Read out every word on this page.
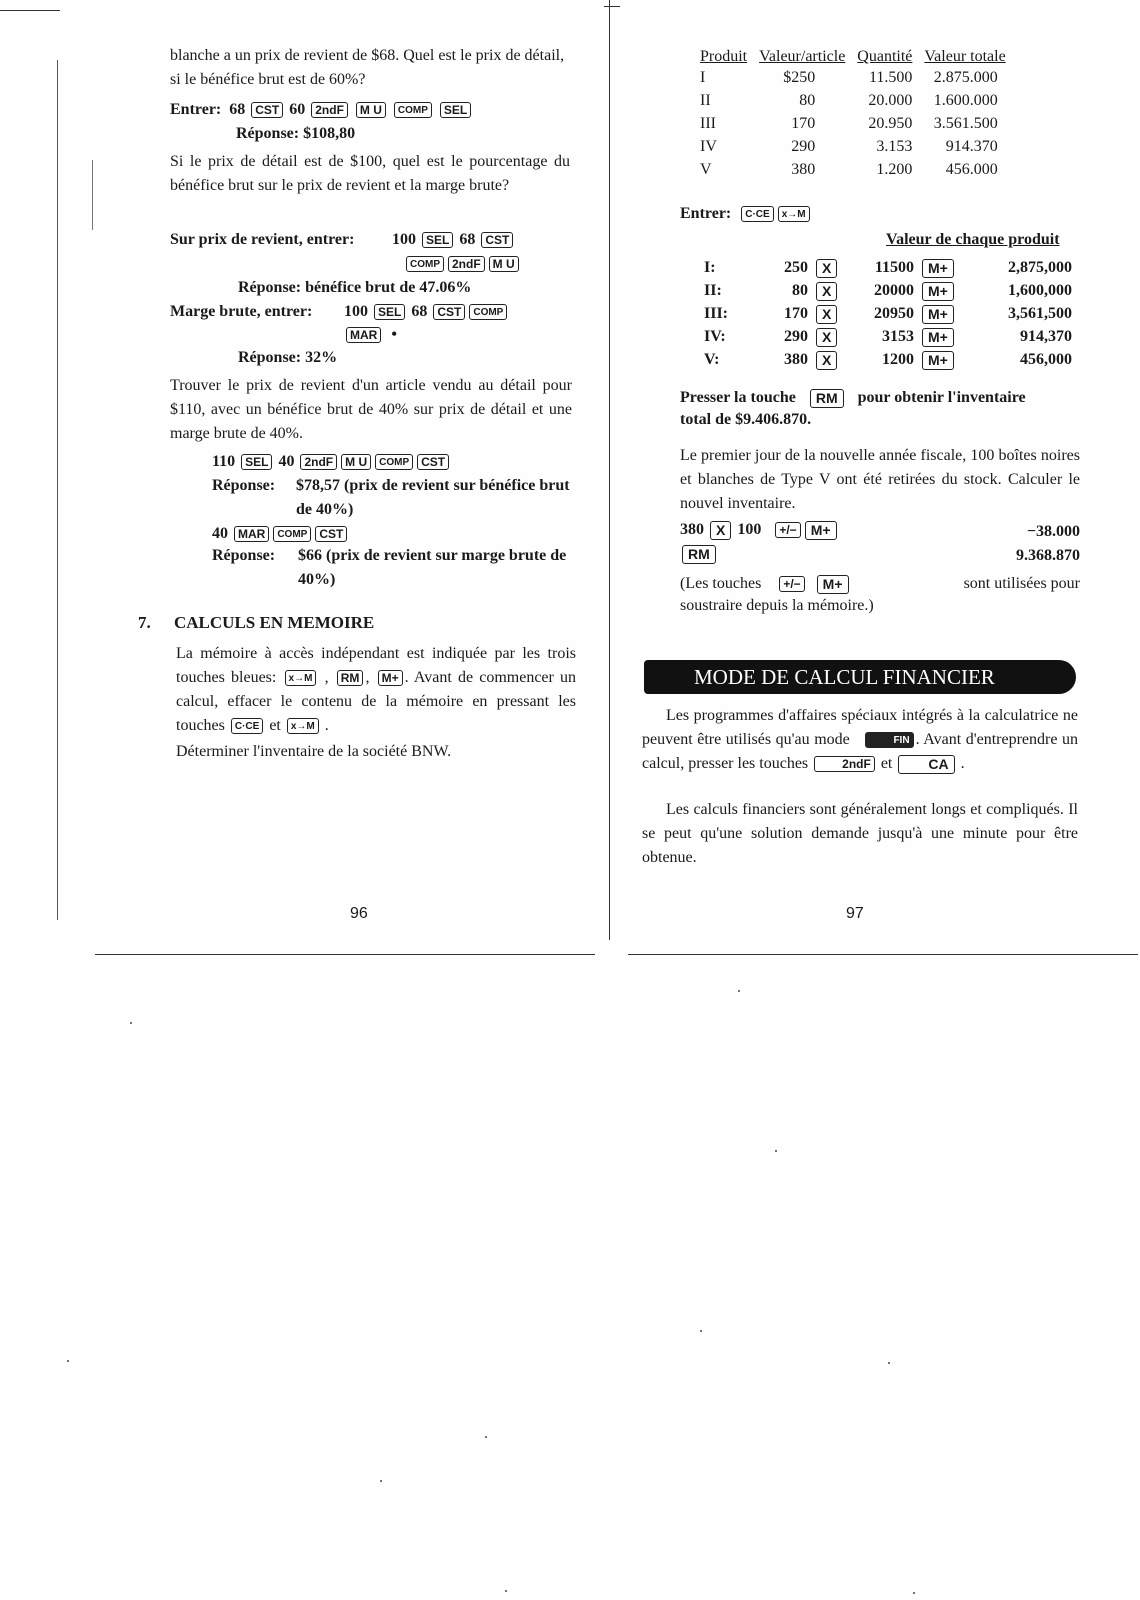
blanche a un prix de revient de $68. Quel est le prix de détail, si le bénéfice brut est de 60%?
Entrer: 68 CST 60 2ndF M U COMP SEL
Réponse: $108,80
Si le prix de détail est de $100, quel est le pourcentage du bénéfice brut sur le prix de revient et la marge brute?
Sur prix de revient, entrer: 100 SEL 68 CST
COMP 2ndF M U
Réponse: bénéfice brut de 47.06%
Marge brute, entrer: 100 SEL 68 CST COMP
MAR •
Réponse: 32%
Trouver le prix de revient d'un article vendu au détail pour $110, avec un bénéfice brut de 40% sur prix de détail et une marge brute de 40%.
110 SEL 40 2ndF M U COMP CST
Réponse: $78,57 (prix de revient sur bénéfice brut de 40%)
40 MAR COMP CST
Réponse: $66 (prix de revient sur marge brute de 40%)
7. CALCULS EN MEMOIRE
La mémoire à accès indépendant est indiquée par les trois touches bleues: x→M , RM , M+ . Avant de commencer un calcul, effacer le contenu de la mémoire en pressant les touches C·CE et x→M .
Déterminer l'inventaire de la société BNW.
96
Produit	Valeur/article	Quantité	Valeur totale
I	$250	11.500	2.875.000
II	80	20.000	1.600.000
III	170	20.950	3.561.500
IV	290	3.153	914.370
V	380	1.200	456.000
Entrer: C·CE x→M
Valeur de chaque produit
I:	250	X	11500	M+	2,875,000
II:	80	X	20000	M+	1,600,000
III:	170	X	20950	M+	3,561,500
IV:	290	X	3153	M+	914,370
V:	380	X	1200	M+	456,000
Presser la touche RM pour obtenir l'inventaire
total de $9.406.870.
Le premier jour de la nouvelle année fiscale, 100 boîtes noires et blanches de Type V ont été retirées du stock. Calculer le nouvel inventaire.
380 X 100 +/− M+	−38.000
RM	9.368.870
(Les touches +/− M+	sont utilisées pour
soustraire depuis la mémoire.)
MODE DE CALCUL FINANCIER
Les programmes d'affaires spéciaux intégrés à la calculatrice ne peuvent être utilisés qu'au mode	FIN . Avant d'entreprendre un calcul, presser les touches	2ndF et	CA .
Les calculs financiers sont généralement longs et compliqués. Il se peut qu'une solution demande jusqu'à une minute pour être obtenue.
97
